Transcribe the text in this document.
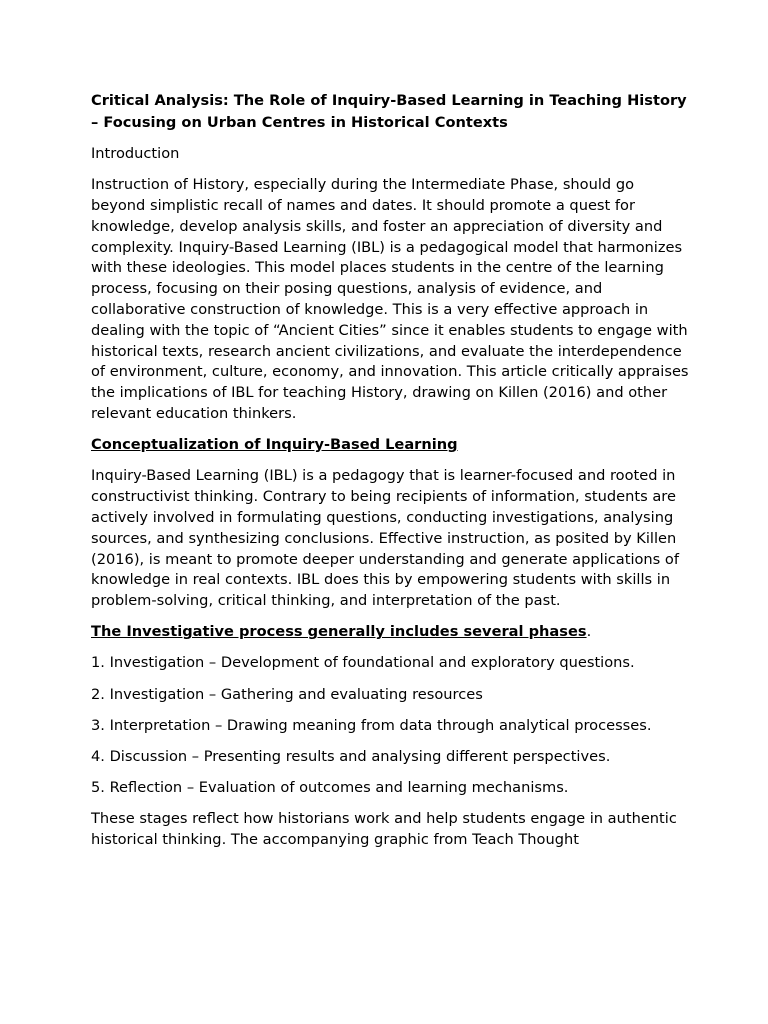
Critical Analysis: The Role of Inquiry-Based Learning in Teaching History – Focusing on Urban Centres in Historical Contexts

Introduction

Instruction of History, especially during the Intermediate Phase, should go beyond simplistic recall of names and dates. It should promote a quest for knowledge, develop analysis skills, and foster an appreciation of diversity and complexity. Inquiry-Based Learning (IBL) is a pedagogical model that harmonizes with these ideologies. This model places students in the centre of the learning process, focusing on their posing questions, analysis of evidence, and collaborative construction of knowledge. This is a very effective approach in dealing with the topic of “Ancient Cities” since it enables students to engage with historical texts, research ancient civilizations, and evaluate the interdependence of environment, culture, economy, and innovation. This article critically appraises the implications of IBL for teaching History, drawing on Killen (2016) and other relevant education thinkers.

Conceptualization of Inquiry-Based Learning

Inquiry-Based Learning (IBL) is a pedagogy that is learner-focused and rooted in constructivist thinking. Contrary to being recipients of information, students are actively involved in formulating questions, conducting investigations, analysing sources, and synthesizing conclusions. Effective instruction, as posited by Killen (2016), is meant to promote deeper understanding and generate applications of knowledge in real contexts. IBL does this by empowering students with skills in problem-solving, critical thinking, and interpretation of the past.

The Investigative process generally includes several phases.

1. Investigation – Development of foundational and exploratory questions.

2. Investigation – Gathering and evaluating resources

3. Interpretation – Drawing meaning from data through analytical processes.

4. Discussion – Presenting results and analysing different perspectives.

5. Reflection – Evaluation of outcomes and learning mechanisms.

These stages reflect how historians work and help students engage in authentic historical thinking. The accompanying graphic from Teach Thought
